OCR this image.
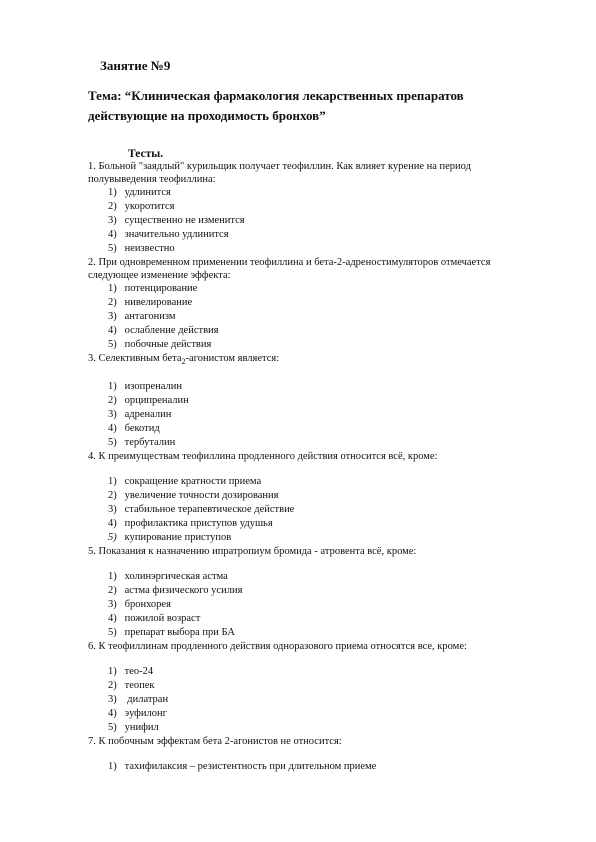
Занятие №9
Тема: “Клиническая фармакология лекарственных препаратов
действующие на проходимость бронхов”
Тесты.
1. Больной "заядлый" курильщик получает теофиллин. Как влияет курение на период
полувыведения теофиллина:
1) удлинится
2) укоротится
3) существенно не изменится
4) значительно удлинится
5) неизвестно
2. При одновременном применении теофиллина и бета-2-адреностимуляторов отмечается
следующее изменение эффекта:
1) потенцирование
2) нивелирование
3) антагонизм
4) ослабление действия
5) побочные действия
3. Селективным бета$_2$-агонистом является:
1) изопреналин
2) орципреналин
3) адреналин
4) бекотид
5) тербуталин
4. К преимуществам теофиллина продленного действия относится всё, кроме:
1) сокращение кратности приема
2) увеличение точности дозирования
3) стабильное терапевтическое действие
4) профилактика приступов удушья
5) купирование приступов
5. Показания к назначению ипратропиум бромида - атровента всё, кроме:
1) холинэргическая астма
2) астма физического усилия
3) бронхорея
4) пожилой возраст
5) препарат выбора при БА
6. К теофиллинам продленного действия одноразового приема относятся все, кроме:
1) тео-24
2) теопек
3)  дилатран
4) эуфилонг
5) унифил
7. К побочным эффектам бета 2-агонистов не относится:
1) тахифилаксия – резистентность при длительном приеме
